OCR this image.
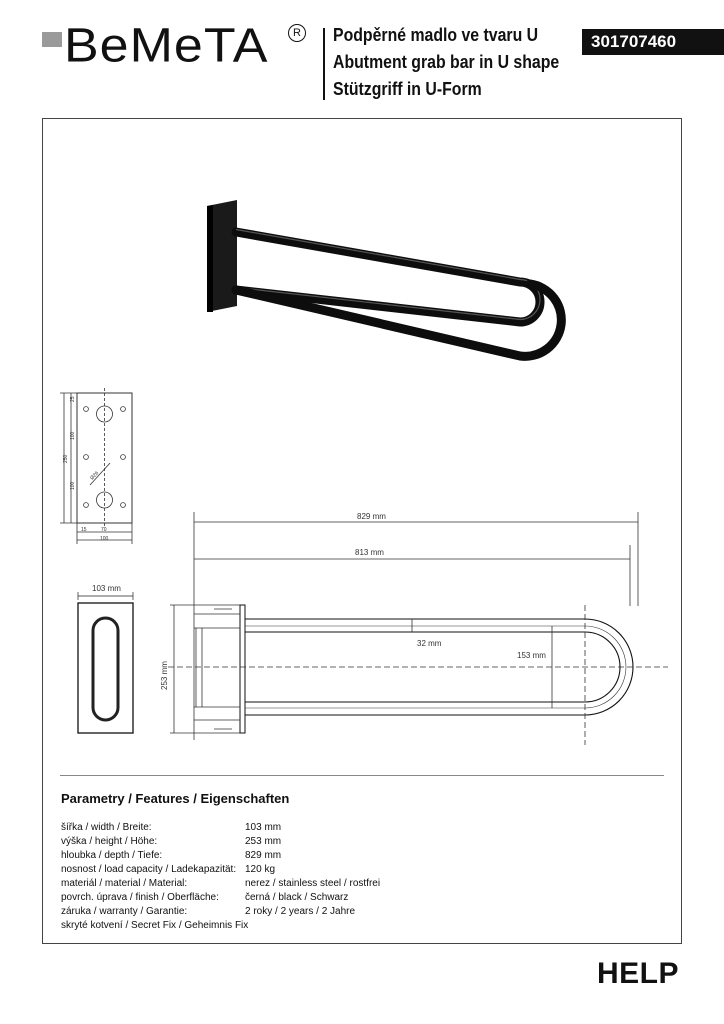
BeMeTA	R Podpěrné madlo ve tvaru U
Abutment grab bar in U shape
Stützgriff in U-Form
301707460
25
100
100
250
15	70
100
Ø26
103 mm
829 mm
813 mm
253 mm
32 mm
153 mm
Parametry / Features / Eigenschaften
šířka / width / Breite:
výška / height / Höhe:
hloubka / depth / Tiefe:
nosnost / load capacity / Ladekapazität:
materiál / material / Material:
povrch. úprava / finish / Oberfläche:
záruka / warranty / Garantie:
skryté kotvení / Secret Fix / Geheimnis Fix
103 mm
253 mm
829 mm
120 kg
nerez / stainless steel / rostfrei
černá / black / Schwarz
2 roky / 2 years / 2 Jahre
HELP
